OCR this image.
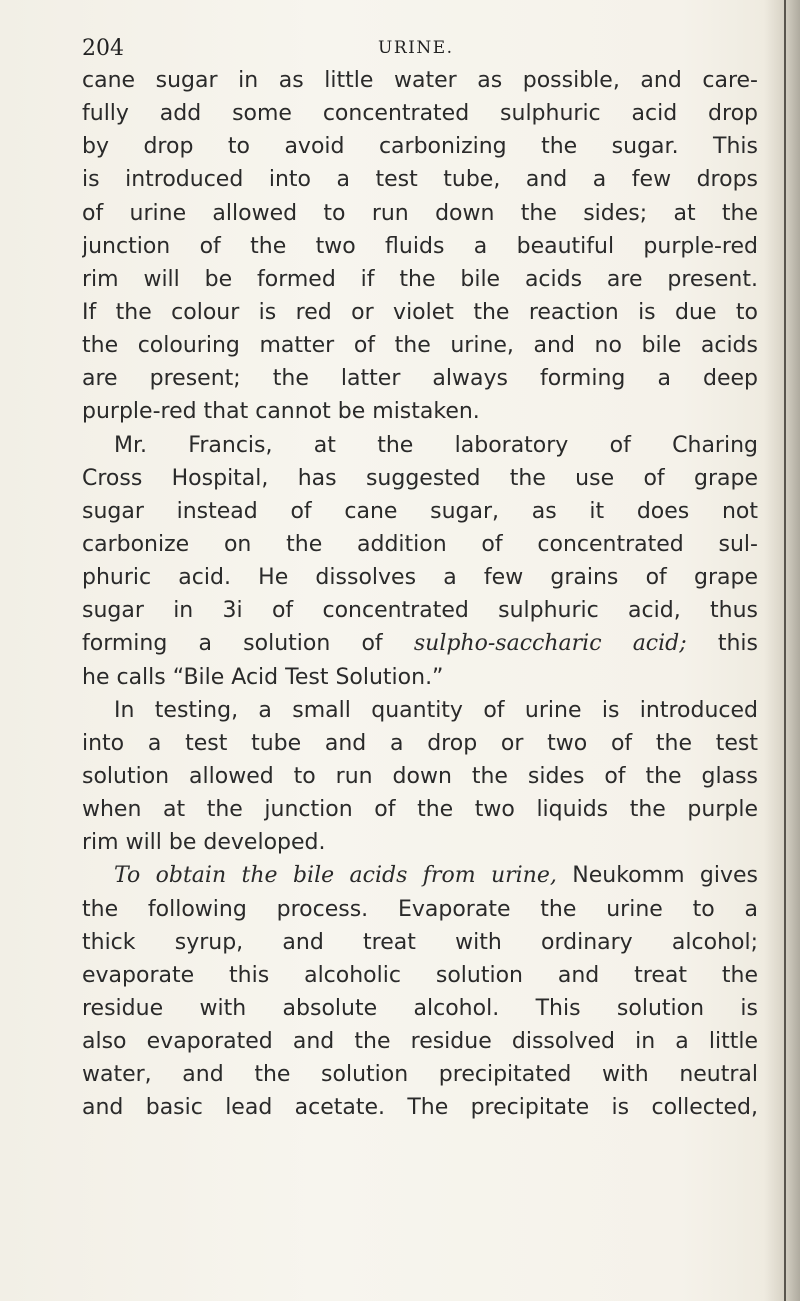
204	URINE.
cane sugar in as little water as possible, and care-
fully add some concentrated sulphuric acid drop
by drop to avoid carbonizing the sugar. This
is introduced into a test tube, and a few drops
of urine allowed to run down the sides; at the
junction of the two fluids a beautiful purple-red
rim will be formed if the bile acids are present.
If the colour is red or violet the reaction is due to
the colouring matter of the urine, and no bile acids
are present; the latter always forming a deep
purple-red that cannot be mistaken.
Mr. Francis, at the laboratory of Charing
Cross Hospital, has suggested the use of grape
sugar instead of cane sugar, as it does not
carbonize on the addition of concentrated sul-
phuric acid. He dissolves a few grains of grape
sugar in 3i of concentrated sulphuric acid, thus
forming a solution of sulpho-saccharic acid; this
he calls “Bile Acid Test Solution.”
In testing, a small quantity of urine is introduced
into a test tube and a drop or two of the test
solution allowed to run down the sides of the glass
when at the junction of the two liquids the purple
rim will be developed.
To obtain the bile acids from urine, Neukomm gives
the following process. Evaporate the urine to a
thick syrup, and treat with ordinary alcohol;
evaporate this alcoholic solution and treat the
residue with absolute alcohol. This solution is
also evaporated and the residue dissolved in a little
water, and the solution precipitated with neutral
and basic lead acetate. The precipitate is collected,
